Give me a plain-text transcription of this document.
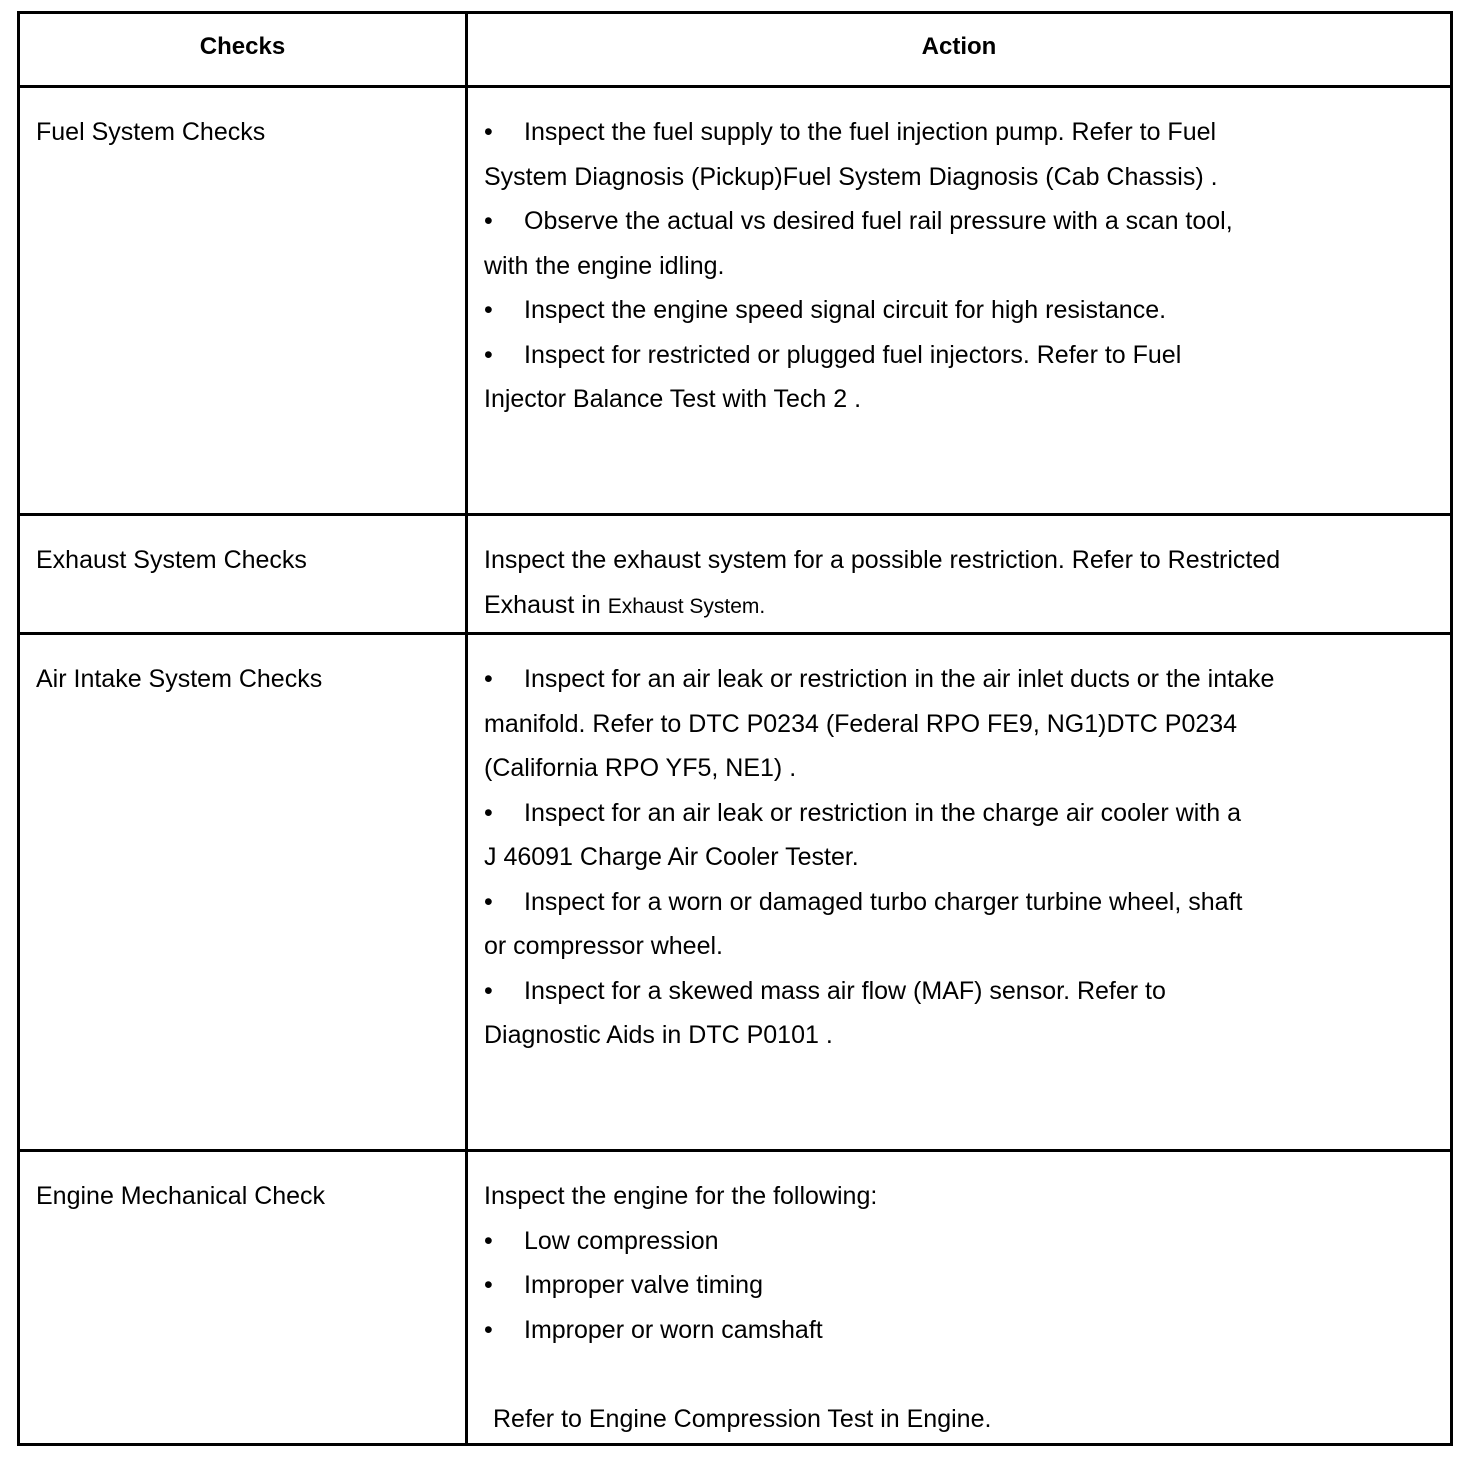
Checks	Action
Fuel System Checks	• Inspect the fuel supply to the fuel injection pump. Refer to Fuel
System Diagnosis (Pickup)Fuel System Diagnosis (Cab Chassis) .
• Observe the actual vs desired fuel rail pressure with a scan tool,
with the engine idling.
• Inspect the engine speed signal circuit for high resistance.
• Inspect for restricted or plugged fuel injectors. Refer to Fuel
Injector Balance Test with Tech 2 .
Exhaust System Checks	Inspect the exhaust system for a possible restriction. Refer to Restricted
Exhaust in Exhaust System.
Air Intake System Checks	• Inspect for an air leak or restriction in the air inlet ducts or the intake
manifold. Refer to DTC P0234 (Federal RPO FE9, NG1)DTC P0234
(California RPO YF5, NE1) .
• Inspect for an air leak or restriction in the charge air cooler with a
J 46091 Charge Air Cooler Tester.
• Inspect for a worn or damaged turbo charger turbine wheel, shaft
or compressor wheel.
• Inspect for a skewed mass air flow (MAF) sensor. Refer to
Diagnostic Aids in DTC P0101 .
Engine Mechanical Check	Inspect the engine for the following:
• Low compression
• Improper valve timing
• Improper or worn camshaft
Refer to Engine Compression Test in Engine.
